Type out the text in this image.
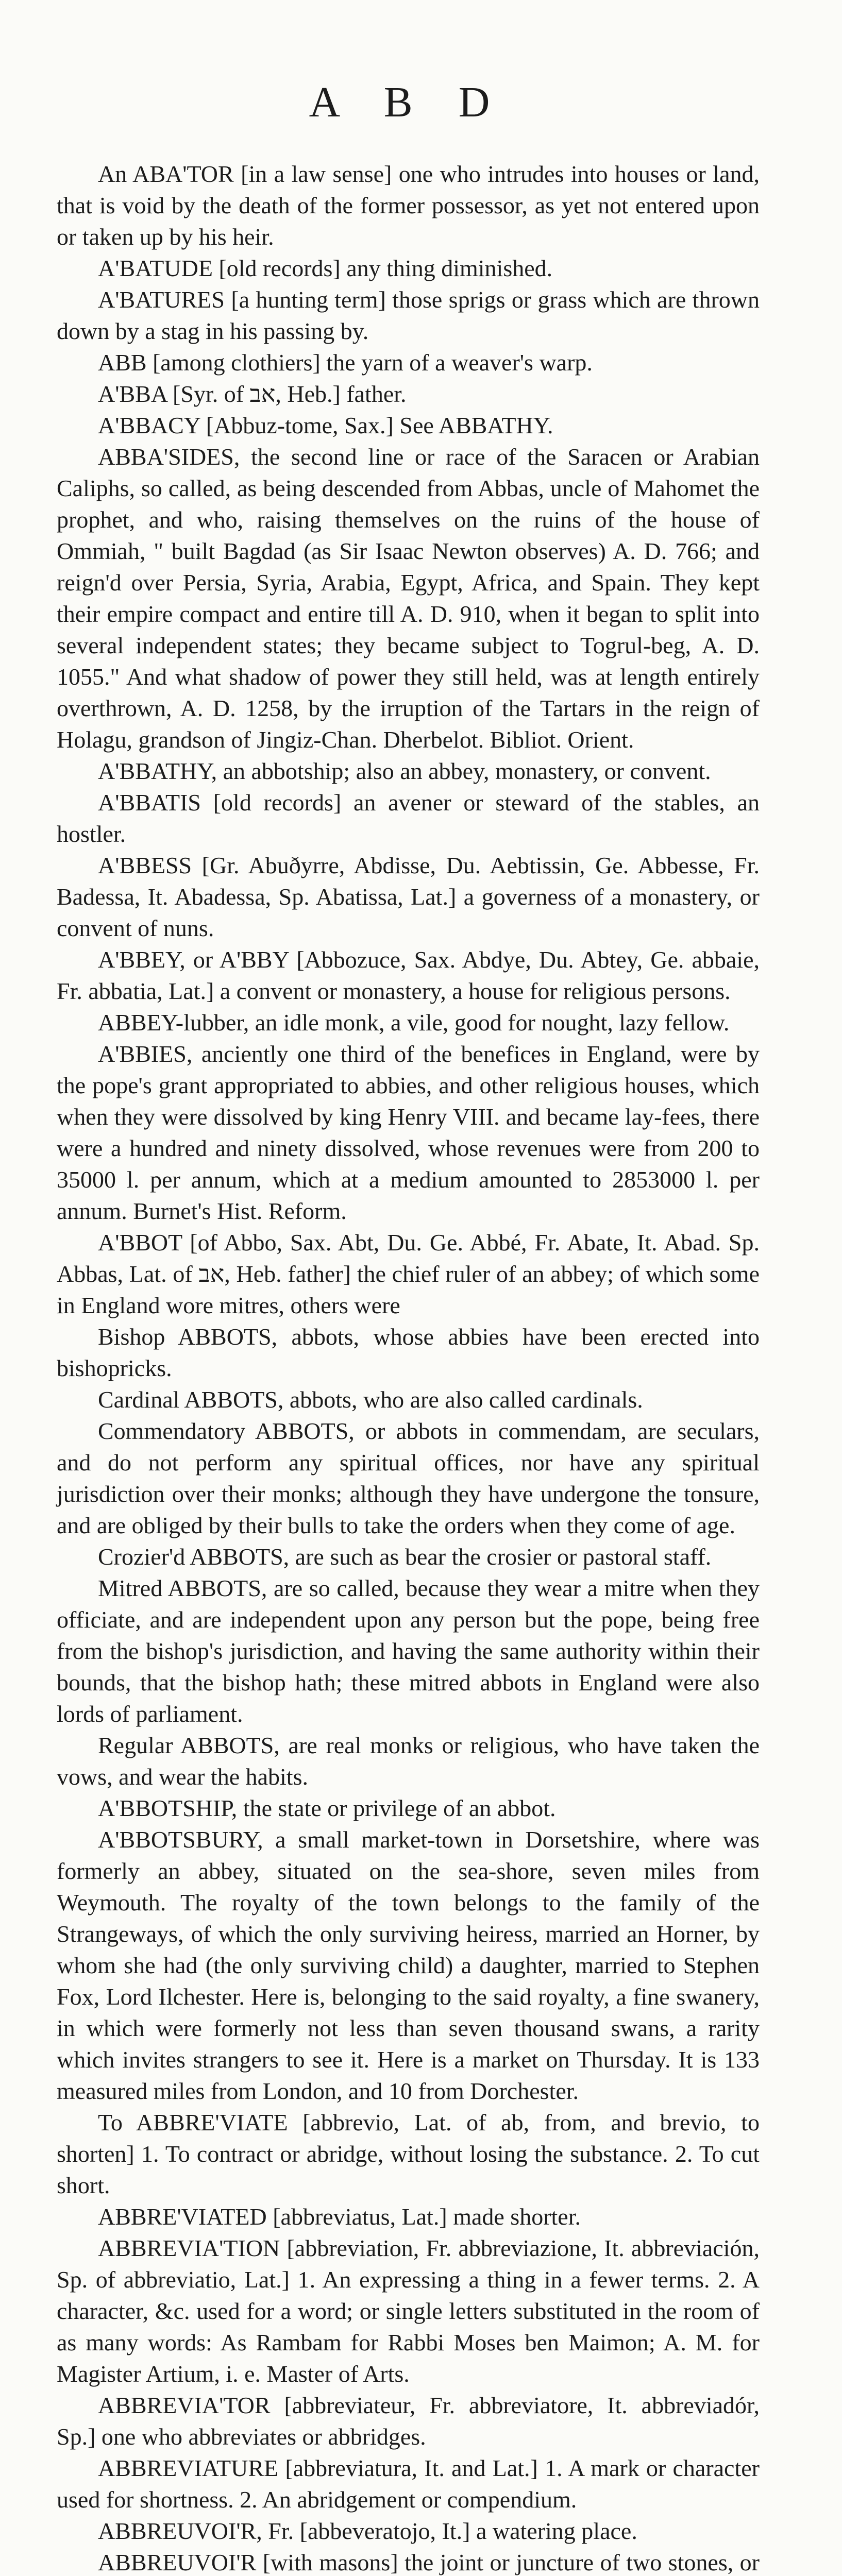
A B D

An ABA'TOR [in a law sense] one who intrudes into houses or land, that is void by the death of the former possessor, as yet not entered upon or taken up by his heir.

A'BATUDE [old records] any thing diminished.

A'BATURES [a hunting term] those sprigs or grass which are thrown down by a stag in his passing by.

ABB [among clothiers] the yarn of a weaver's warp.

A'BBA [Syr. of אב, Heb.] father.

A'BBACY [Abbuz-tome, Sax.] See ABBATHY.

ABBA'SIDES, the second line or race of the Saracen or Arabian Caliphs, so called, as being descended from Abbas, uncle of Mahomet the prophet, and who, raising themselves on the ruins of the house of Ommiah, " built Bagdad (as Sir Isaac Newton observes) A. D. 766; and reign'd over Persia, Syria, Arabia, Egypt, Africa, and Spain. They kept their empire compact and entire till A. D. 910, when it began to split into several independent states; they became subject to Togrul-beg, A. D. 1055." And what shadow of power they still held, was at length entirely overthrown, A. D. 1258, by the irruption of the Tartars in the reign of Holagu, grandson of Jingiz-Chan. Dherbelot. Bibliot. Orient.

A'BBATHY, an abbotship; also an abbey, monastery, or convent.

A'BBATIS [old records] an avener or steward of the stables, an hostler.

A'BBESS [Gr. Abuðyrre, Abdisse, Du. Aebtissin, Ge. Abbesse, Fr. Badessa, It. Abadessa, Sp. Abatissa, Lat.] a governess of a monastery, or convent of nuns.

A'BBEY, or A'BBY [Abbozuce, Sax. Abdye, Du. Abtey, Ge. abbaie, Fr. abbatia, Lat.] a convent or monastery, a house for religious persons.

ABBEY-lubber, an idle monk, a vile, good for nought, lazy fellow.

A'BBIES, anciently one third of the benefices in England, were by the pope's grant appropriated to abbies, and other religious houses, which when they were dissolved by king Henry VIII. and became lay-fees, there were a hundred and ninety dissolved, whose revenues were from 200 to 35000 l. per annum, which at a medium amounted to 2853000 l. per annum. Burnet's Hist. Reform.

A'BBOT [of Abbo, Sax. Abt, Du. Ge. Abbé, Fr. Abate, It. Abad. Sp. Abbas, Lat. of אב, Heb. father] the chief ruler of an abbey; of which some in England wore mitres, others were

Bishop ABBOTS, abbots, whose abbies have been erected into bishopricks.

Cardinal ABBOTS, abbots, who are also called cardinals.

Commendatory ABBOTS, or abbots in commendam, are seculars, and do not perform any spiritual offices, nor have any spiritual jurisdiction over their monks; although they have undergone the tonsure, and are obliged by their bulls to take the orders when they come of age.

Crozier'd ABBOTS, are such as bear the crosier or pastoral staff.

Mitred ABBOTS, are so called, because they wear a mitre when they officiate, and are independent upon any person but the pope, being free from the bishop's jurisdiction, and having the same authority within their bounds, that the bishop hath; these mitred abbots in England were also lords of parliament.

Regular ABBOTS, are real monks or religious, who have taken the vows, and wear the habits.

A'BBOTSHIP, the state or privilege of an abbot.

A'BBOTSBURY, a small market-town in Dorsetshire, where was formerly an abbey, situated on the sea-shore, seven miles from Weymouth. The royalty of the town belongs to the family of the Strangeways, of which the only surviving heiress, married an Horner, by whom she had (the only surviving child) a daughter, married to Stephen Fox, Lord Ilchester. Here is, belonging to the said royalty, a fine swanery, in which were formerly not less than seven thousand swans, a rarity which invites strangers to see it. Here is a market on Thursday. It is 133 measured miles from London, and 10 from Dorchester.

To ABBRE'VIATE [abbrevio, Lat. of ab, from, and brevio, to shorten] 1. To contract or abridge, without losing the substance. 2. To cut short.

ABBRE'VIATED [abbreviatus, Lat.] made shorter.

ABBREVIA'TION [abbreviation, Fr. abbreviazione, It. abbreviación, Sp. of abbreviatio, Lat.] 1. An expressing a thing in a fewer terms. 2. A character, &c. used for a word; or single letters substituted in the room of as many words: As Rambam for Rabbi Moses ben Maimon; A. M. for Magister Artium, i. e. Master of Arts.

ABBREVIA'TOR [abbreviateur, Fr. abbreviatore, It. abbreviadór, Sp.] one who abbreviates or abbridges.

ABBREVIATURE [abbreviatura, It. and Lat.] 1. A mark or character used for shortness. 2. An abridgement or compendium.

ABBREUVOI'R, Fr. [abbeveratojo, It.] a watering place.

ABBREUVOI'R [with masons] the joint or juncture of two stones, or
